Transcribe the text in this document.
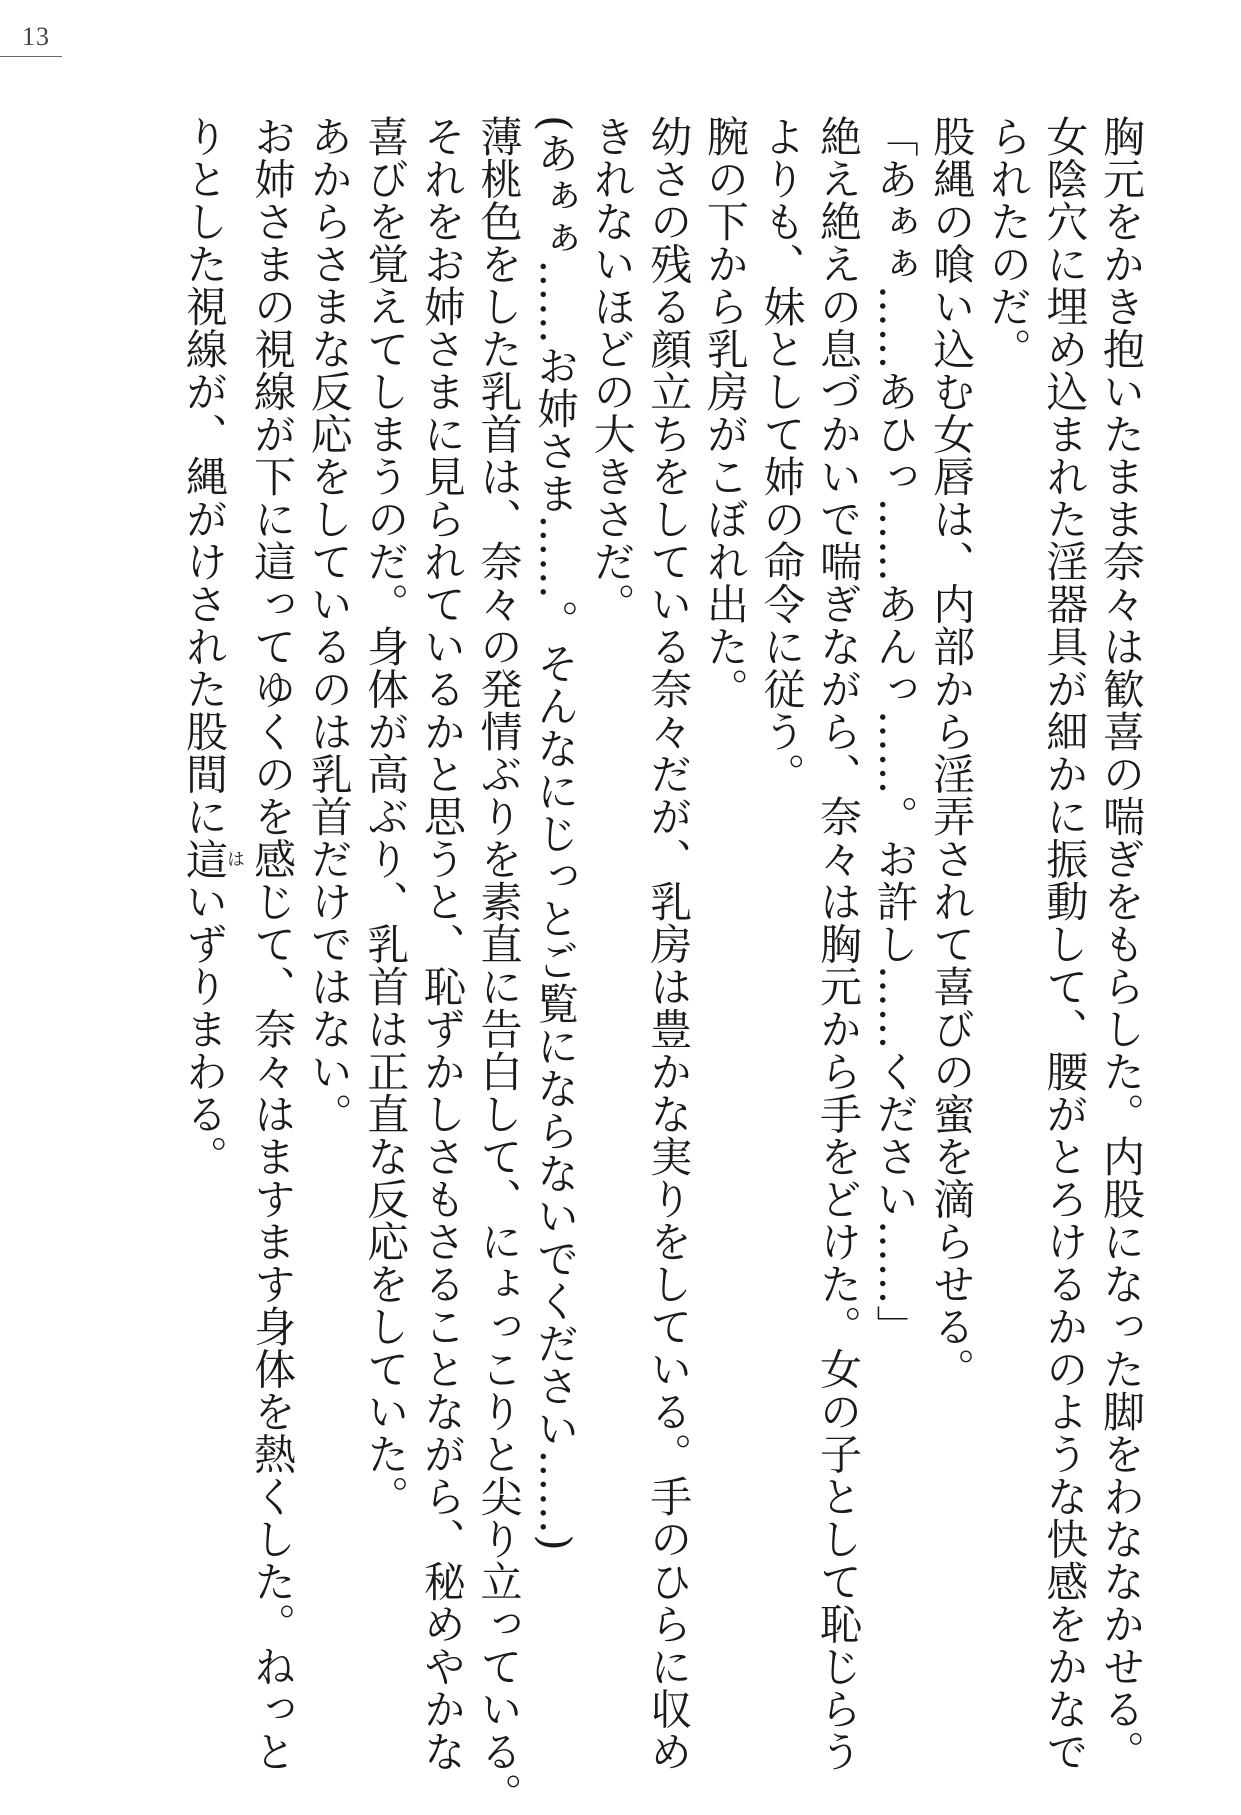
13
胸元をかき抱いたまま奈々は歓喜の喘ぎをもらした。内股になった脚をわななかせる。
女陰穴に埋め込まれた淫器具が細かに振動して、腰がとろけるかのような快感をかなで
られたのだ。
股縄の喰い込む女唇は、内部から淫弄されて喜びの蜜を滴らせる。
「あぁぁ……あひっ……あんっ……。お許し……ください……」
絶え絶えの息づかいで喘ぎながら、奈々は胸元から手をどけた。女の子として恥じらう
よりも、妹として姉の命令に従う。
腕の下から乳房がこぼれ出た。
幼さの残る顔立ちをしている奈々だが、乳房は豊かな実りをしている。手のひらに収め
きれないほどの大きさだ。
(あぁぁ……お姉さま……。そんなにじっとご覧にならないでください……)
薄桃色をした乳首は、奈々の発情ぶりを素直に告白して、にょっこりと尖り立っている。
それをお姉さまに見られているかと思うと、恥ずかしさもさることながら、秘めやかな
喜びを覚えてしまうのだ。身体が高ぶり、乳首は正直な反応をしていた。
あからさまな反応をしているのは乳首だけではない。
お姉さまの視線が下に這ってゆくのを感じて、奈々はますます身体を熱くした。ねっと
りとした視線が、縄がけされた股間に這はいずりまわる。
